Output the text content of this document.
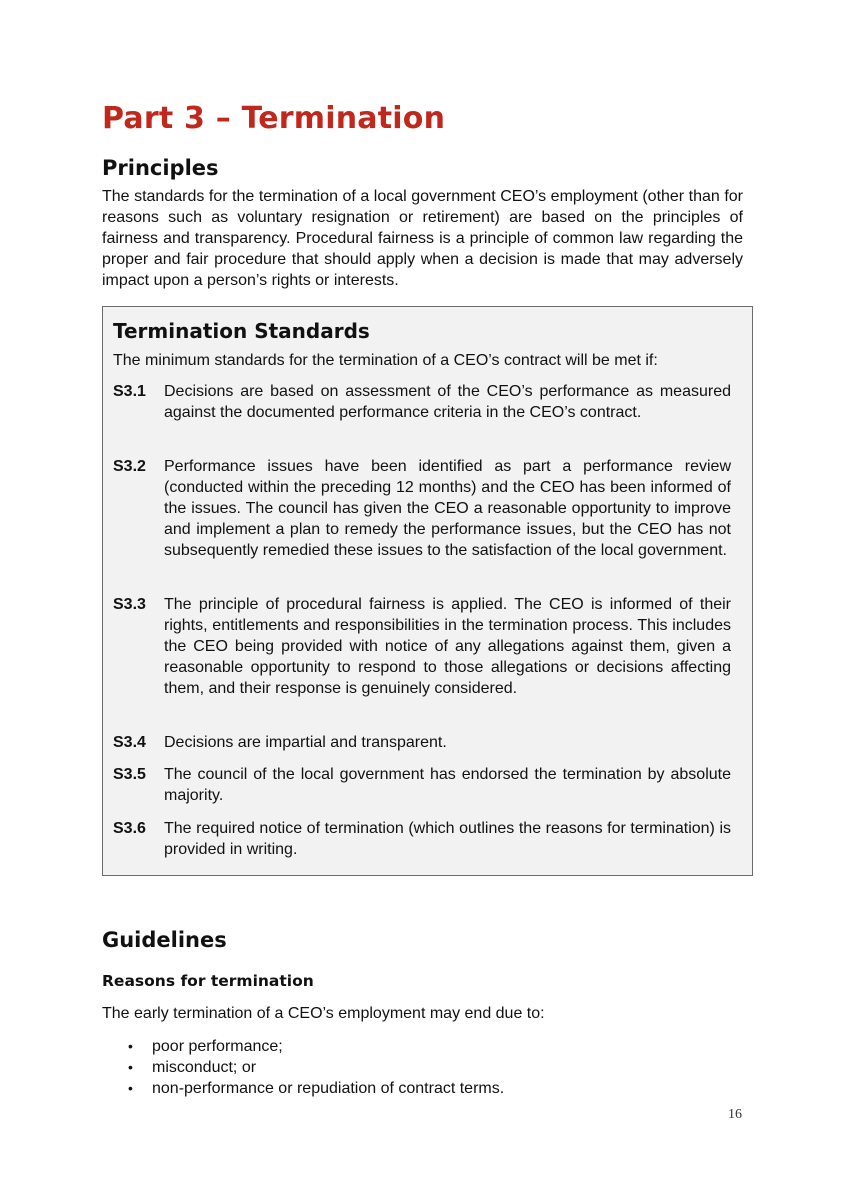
Part 3 – Termination
Principles

The standards for the termination of a local government CEO’s employment (other than for reasons such as voluntary resignation or retirement) are based on the principles of fairness and transparency. Procedural fairness is a principle of common law regarding the proper and fair procedure that should apply when a decision is made that may adversely impact upon a person’s rights or interests.

Termination Standards

The minimum standards for the termination of a CEO’s contract will be met if:

S3.1	Decisions are based on assessment of the CEO’s performance as measured against the documented performance criteria in the CEO’s contract.
S3.2	Performance issues have been identified as part a performance review (conducted within the preceding 12 months) and the CEO has been informed of the issues. The council has given the CEO a reasonable opportunity to improve and implement a plan to remedy the performance issues, but the CEO has not subsequently remedied these issues to the satisfaction of the local government.
S3.3	The principle of procedural fairness is applied. The CEO is informed of their rights, entitlements and responsibilities in the termination process. This includes the CEO being provided with notice of any allegations against them, given a reasonable opportunity to respond to those allegations or decisions affecting them, and their response is genuinely considered.
S3.4	Decisions are impartial and transparent.
S3.5	The council of the local government has endorsed the termination by absolute majority.
S3.6	The required notice of termination (which outlines the reasons for termination) is provided in writing.
Guidelines
Reasons for termination

The early termination of a CEO’s employment may end due to:

• poor performance;
• misconduct; or
• non-performance or repudiation of contract terms.
16
